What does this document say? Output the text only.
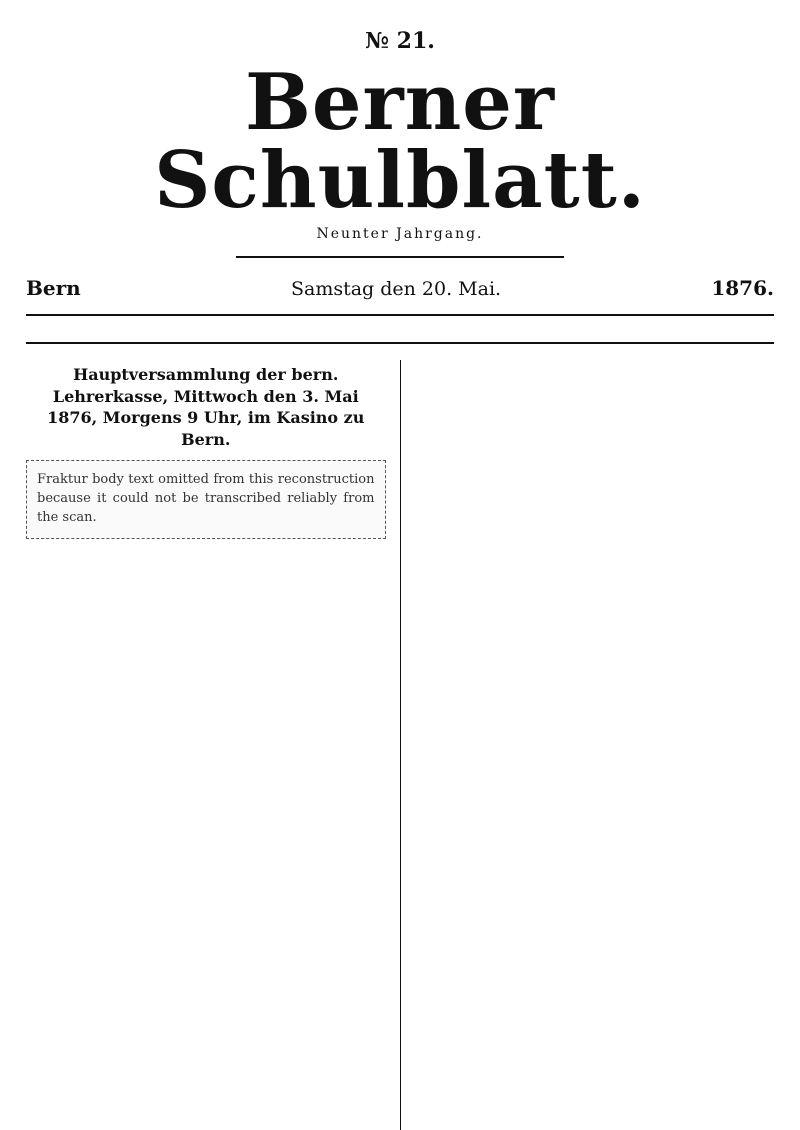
№ 21.
Berner Schulblatt.
Neunter Jahrgang.
Bern	Samstag den 20. Mai.	1876.
Hauptversammlung der bern. Lehrerkasse, Mittwoch den 3. Mai 1876, Morgens 9 Uhr, im Kasino zu Bern.
Fraktur body text omitted from this reconstruction because it could not be transcribed reliably from the scan.
